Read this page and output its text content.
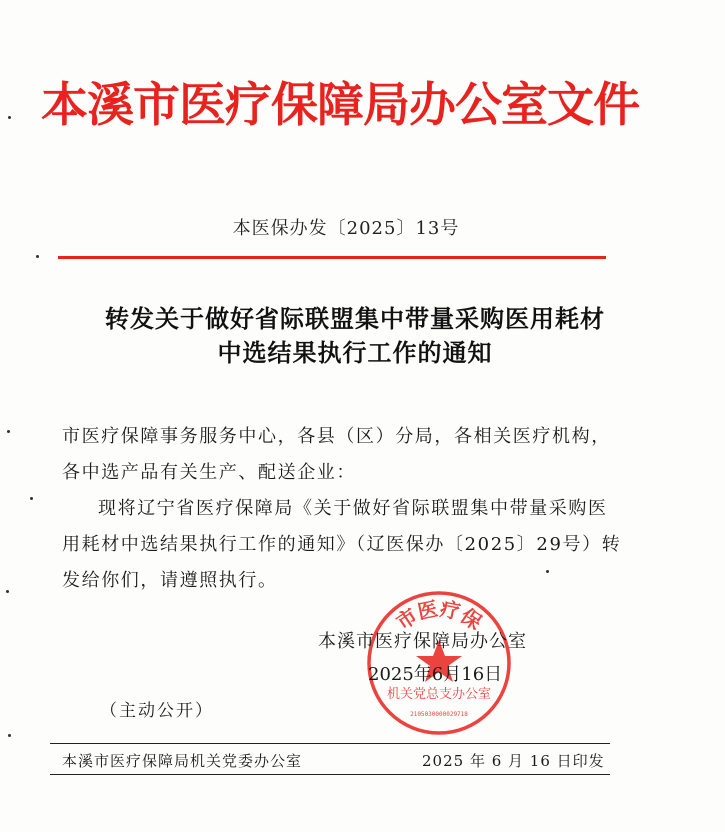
本溪市医疗保障局办公室文件
本医保办发〔2025〕13号
转发关于做好省际联盟集中带量采购医用耗材
中选结果执行工作的通知
市医疗保障事务服务中心，各县（区）分局，各相关医疗机构，
各中选产品有关生产、配送企业：
现将辽宁省医疗保障局《关于做好省际联盟集中带量采购医
用耗材中选结果执行工作的通知》（辽医保办〔2025〕29号）转
发给你们，请遵照执行。
市医疗保
机关党总支办公室
2105030000029718
本溪市医疗保障局办公室
2025年6月16日
（主动公开）
本溪市医疗保障局机关党委办公室	2025 年 6 月 16 日印发
